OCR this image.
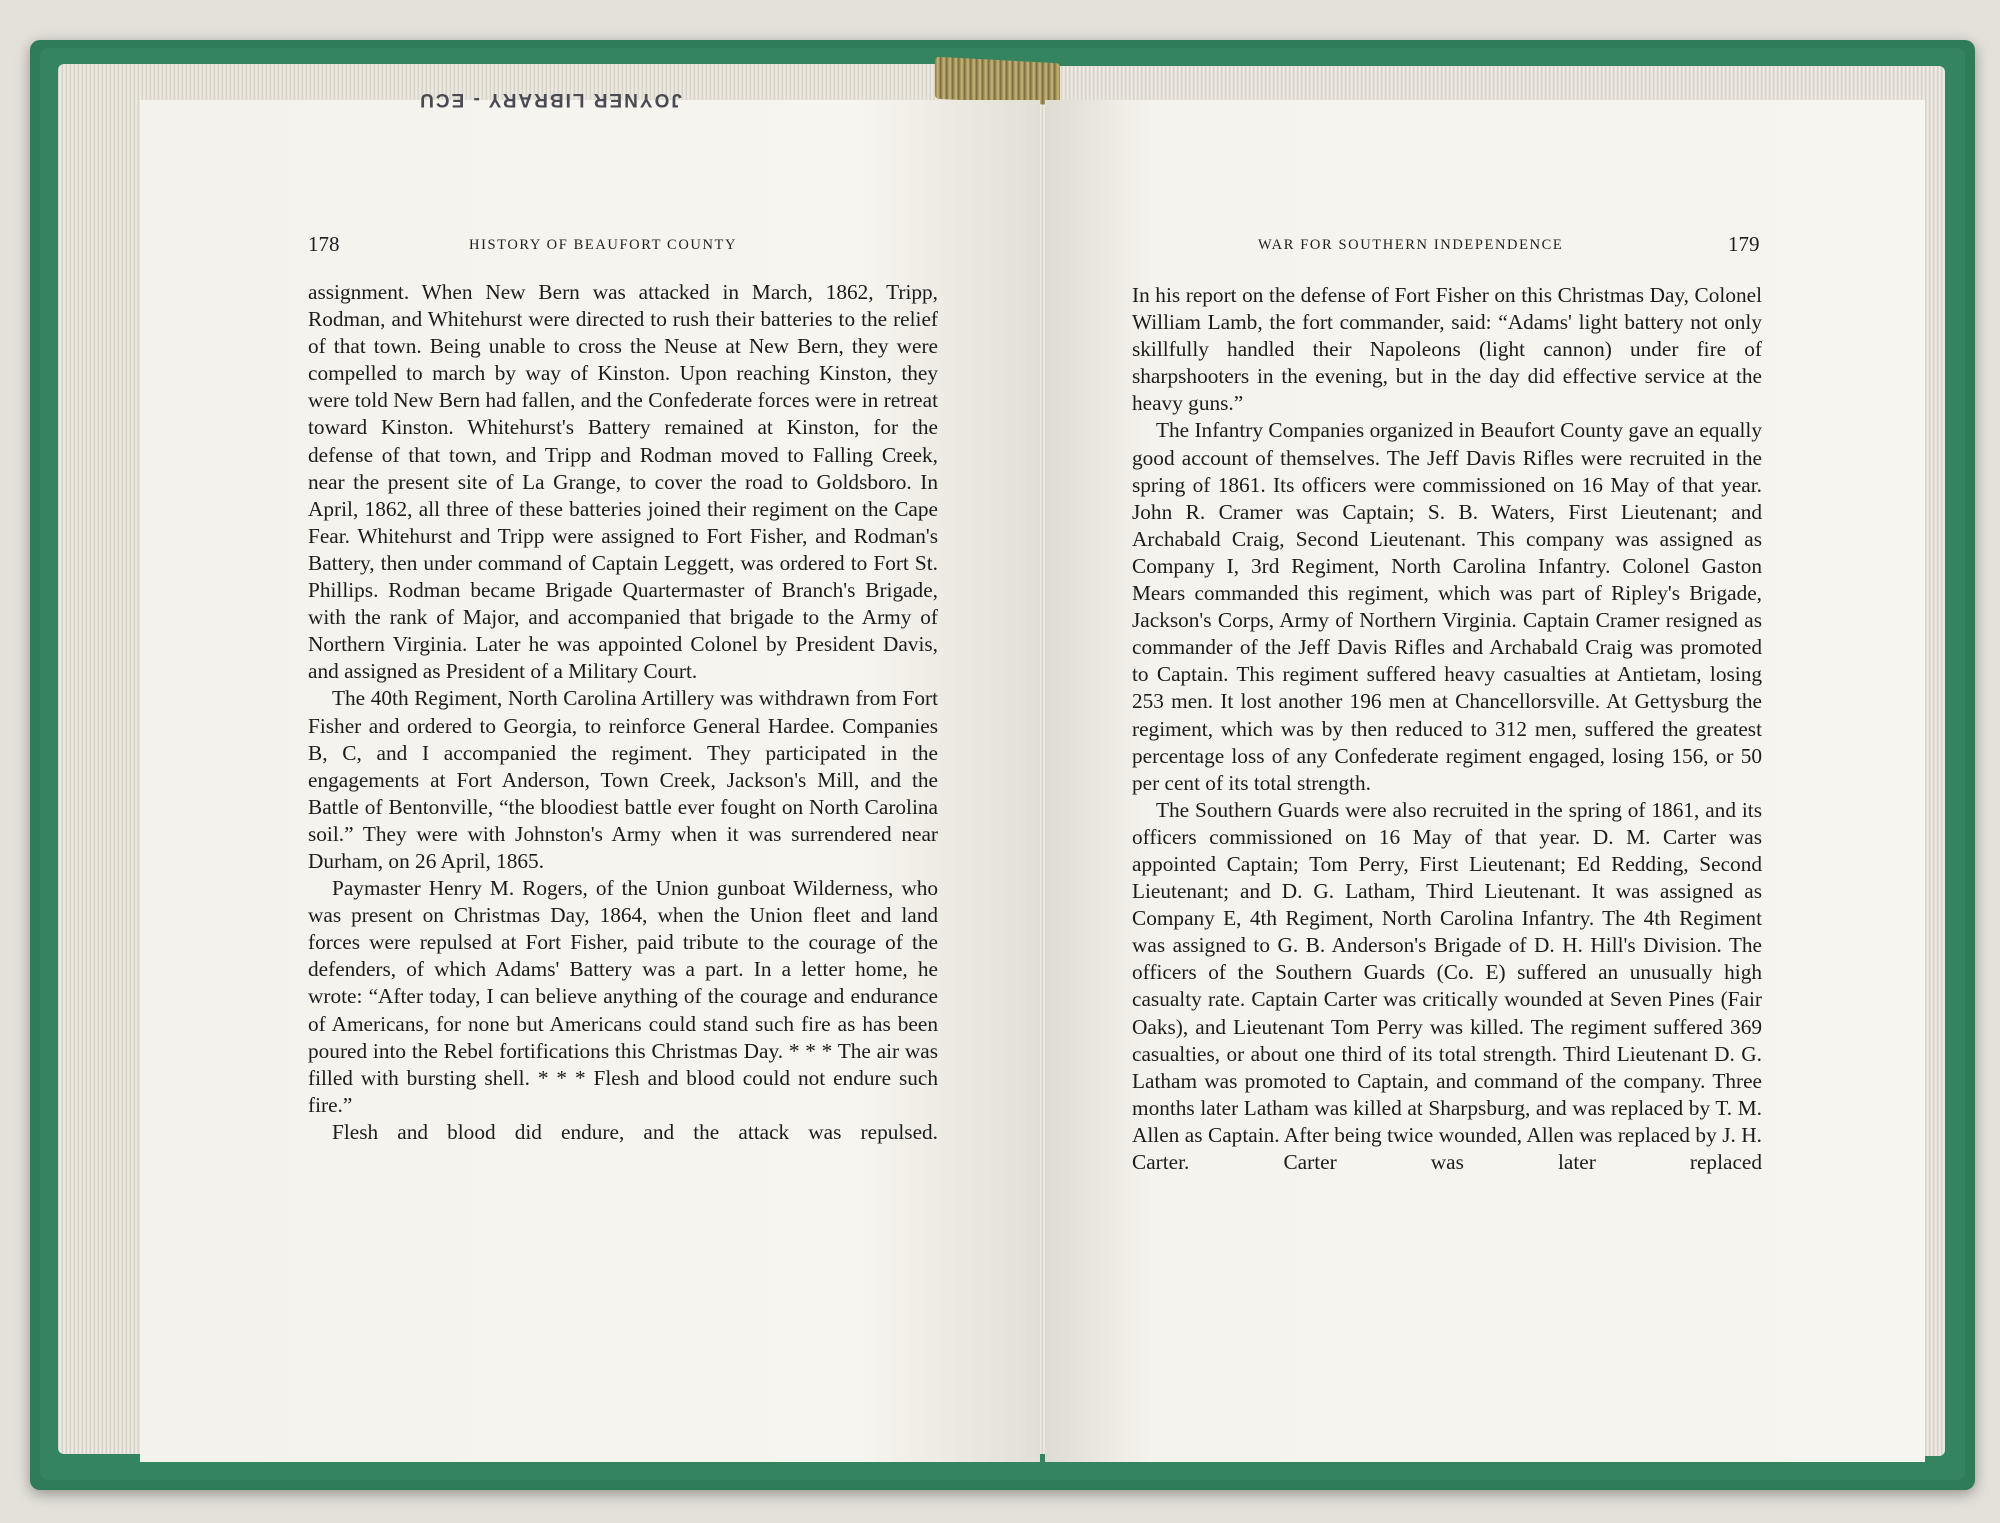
JOYNER LIBRARY - ECU
178	HISTORY OF BEAUFORT COUNTY	WAR FOR SOUTHERN INDEPENDENCE	179

assignment. When New Bern was attacked in March, 1862, Tripp, Rodman, and Whitehurst were directed to rush their batteries to the relief of that town. Being unable to cross the Neuse at New Bern, they were compelled to march by way of Kinston. Upon reaching Kinston, they were told New Bern had fallen, and the Confederate forces were in retreat toward Kinston. Whitehurst's Battery remained at Kinston, for the defense of that town, and Tripp and Rodman moved to Falling Creek, near the present site of La Grange, to cover the road to Goldsboro. In April, 1862, all three of these batteries joined their regiment on the Cape Fear. Whitehurst and Tripp were assigned to Fort Fisher, and Rodman's Battery, then under command of Captain Leggett, was ordered to Fort St. Phillips. Rodman became Brigade Quartermaster of Branch's Brigade, with the rank of Major, and accompanied that brigade to the Army of Northern Virginia. Later he was appointed Colonel by President Davis, and assigned as President of a Military Court.

The 40th Regiment, North Carolina Artillery was withdrawn from Fort Fisher and ordered to Georgia, to reinforce General Hardee. Companies B, C, and I accompanied the regiment. They participated in the engagements at Fort Anderson, Town Creek, Jackson's Mill, and the Battle of Bentonville, “the bloodiest battle ever fought on North Carolina soil.” They were with Johnston's Army when it was surrendered near Durham, on 26 April, 1865.

Paymaster Henry M. Rogers, of the Union gunboat Wilderness, who was present on Christmas Day, 1864, when the Union fleet and land forces were repulsed at Fort Fisher, paid tribute to the courage of the defenders, of which Adams' Battery was a part. In a letter home, he wrote: “After today, I can believe anything of the courage and endurance of Americans, for none but Americans could stand such fire as has been poured into the Rebel fortifications this Christmas Day. * * * The air was filled with bursting shell. * * * Flesh and blood could not endure such fire.”

Flesh and blood did endure, and the attack was repulsed.

In his report on the defense of Fort Fisher on this Christmas Day, Colonel William Lamb, the fort commander, said: “Adams' light battery not only skillfully handled their Napoleons (light cannon) under fire of sharpshooters in the evening, but in the day did effective service at the heavy guns.”

The Infantry Companies organized in Beaufort County gave an equally good account of themselves. The Jeff Davis Rifles were recruited in the spring of 1861. Its officers were commissioned on 16 May of that year. John R. Cramer was Captain; S. B. Waters, First Lieutenant; and Archabald Craig, Second Lieutenant. This company was assigned as Company I, 3rd Regiment, North Carolina Infantry. Colonel Gaston Mears commanded this regiment, which was part of Ripley's Brigade, Jackson's Corps, Army of Northern Virginia. Captain Cramer resigned as commander of the Jeff Davis Rifles and Archabald Craig was promoted to Captain. This regiment suffered heavy casualties at Antietam, losing 253 men. It lost another 196 men at Chancellorsville. At Gettysburg the regiment, which was by then reduced to 312 men, suffered the greatest percentage loss of any Confederate regiment engaged, losing 156, or 50 per cent of its total strength.

The Southern Guards were also recruited in the spring of 1861, and its officers commissioned on 16 May of that year. D. M. Carter was appointed Captain; Tom Perry, First Lieutenant; Ed Redding, Second Lieutenant; and D. G. Latham, Third Lieutenant. It was assigned as Company E, 4th Regiment, North Carolina Infantry. The 4th Regiment was assigned to G. B. Anderson's Brigade of D. H. Hill's Division. The officers of the Southern Guards (Co. E) suffered an unusually high casualty rate. Captain Carter was critically wounded at Seven Pines (Fair Oaks), and Lieutenant Tom Perry was killed. The regiment suffered 369 casualties, or about one third of its total strength. Third Lieutenant D. G. Latham was promoted to Captain, and command of the company. Three months later Latham was killed at Sharpsburg, and was replaced by T. M. Allen as Captain. After being twice wounded, Allen was replaced by J. H. Carter. Carter was later replaced
